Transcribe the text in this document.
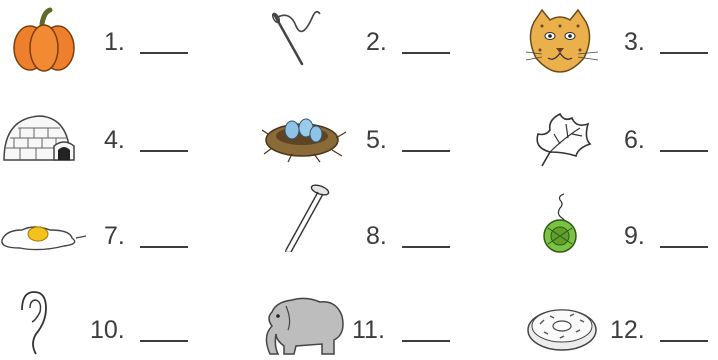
1.	2.	3.
4.	5.	6.
7.	8.	9.
10.	11.	12.
